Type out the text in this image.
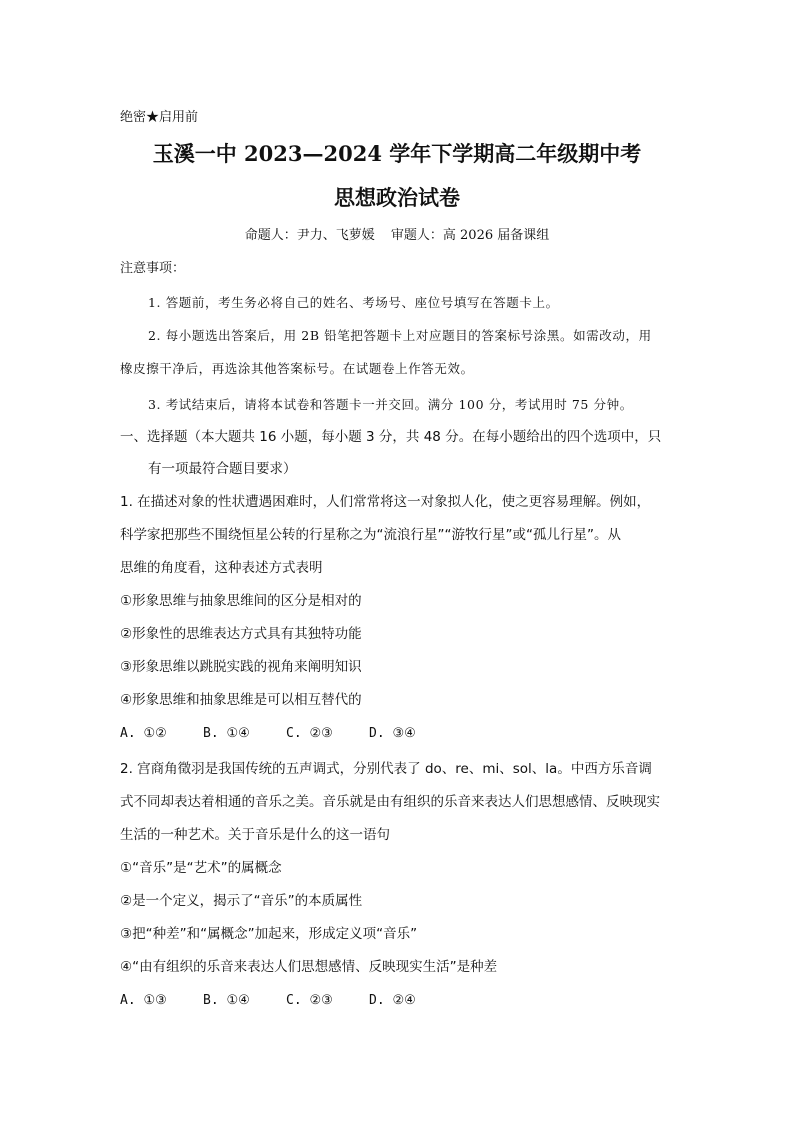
绝密★启用前
玉溪一中 2023—2024 学年下学期高二年级期中考
思想政治试卷
命题人：尹力、飞萝媛 审题人：高 2026 届备课组
注意事项：
1. 答题前，考生务必将自己的姓名、考场号、座位号填写在答题卡上。
2. 每小题选出答案后，用 2B 铅笔把答题卡上对应题目的答案标号涂黑。如需改动，用
橡皮擦干净后，再选涂其他答案标号。在试题卷上作答无效。
3. 考试结束后，请将本试卷和答题卡一并交回。满分 100 分，考试用时 75 分钟。
一、选择题（本大题共 16 小题，每小题 3 分，共 48 分。在每小题给出的四个选项中，只
有一项最符合题目要求）
1. 在描述对象的性状遭遇困难时，人们常常将这一对象拟人化，使之更容易理解。例如，
科学家把那些不围绕恒星公转的行星称之为“流浪行星”“游牧行星”或“孤儿行星”。从
思维的角度看，这种表述方式表明
①形象思维与抽象思维间的区分是相对的
②形象性的思维表达方式具有其独特功能
③形象思维以跳脱实践的视角来阐明知识
④形象思维和抽象思维是可以相互替代的
A. ①②	B. ①④	C. ②③	D. ③④
2. 宫商角徵羽是我国传统的五声调式，分别代表了 do、re、mi、sol、la。中西方乐音调
式不同却表达着相通的音乐之美。音乐就是由有组织的乐音来表达人们思想感情、反映现实
生活的一种艺术。关于音乐是什么的这一语句
①“音乐”是“艺术”的属概念
②是一个定义，揭示了“音乐”的本质属性
③把“种差”和“属概念”加起来，形成定义项“音乐”
④“由有组织的乐音来表达人们思想感情、反映现实生活”是种差
A. ①③	B. ①④	C. ②③	D. ②④
